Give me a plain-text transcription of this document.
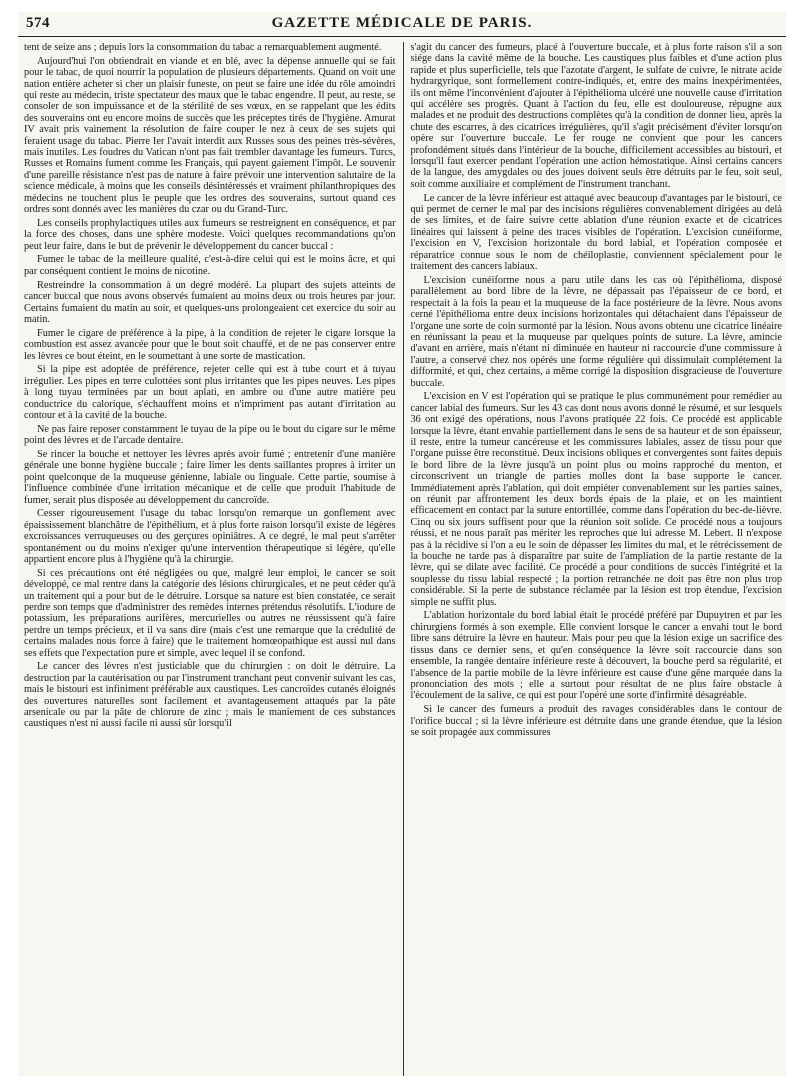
574	GAZETTE MÉDICALE DE PARIS.

tent de seize ans ; depuis lors la consommation du tabac a remarquablement augmenté.

Aujourd'hui l'on obtiendrait en viande et en blé, avec la dépense annuelle qui se fait pour le tabac, de quoi nourrir la population de plusieurs départements. Quand on voit une nation entière acheter si cher un plaisir funeste, on peut se faire une idée du rôle amoindri qui reste au médecin, triste spectateur des maux que le tabac engendre. Il peut, au reste, se consoler de son impuissance et de la stérilité de ses vœux, en se rappelant que les édits des souverains ont eu encore moins de succès que les préceptes tirés de l'hygiène. Amurat IV avait pris vainement la résolution de faire couper le nez à ceux de ses sujets qui feraient usage du tabac. Pierre Ier l'avait interdit aux Russes sous des peines très-sévères, mais inutiles. Les foudres du Vatican n'ont pas fait trembler davantage les fumeurs. Turcs, Russes et Romains fument comme les Français, qui payent gaiement l'impôt. Le souvenir d'une pareille résistance n'est pas de nature à faire prévoir une intervention salutaire de la science médicale, à moins que les conseils désintéressés et vraiment philanthropiques des médecins ne touchent plus le peuple que les ordres des souverains, surtout quand ces ordres sont donnés avec les manières du czar ou du Grand-Turc.

Les conseils prophylactiques utiles aux fumeurs se restreignent en conséquence, et par la force des choses, dans une sphère modeste. Voici quelques recommandations qu'on peut leur faire, dans le but de prévenir le développement du cancer buccal :

Fumer le tabac de la meilleure qualité, c'est-à-dire celui qui est le moins âcre, et qui par conséquent contient le moins de nicotine.

Restreindre la consommation à un degré modéré. La plupart des sujets atteints de cancer buccal que nous avons observés fumaient au moins deux ou trois heures par jour. Certains fumaient du matin au soir, et quelques-uns prolongeaient cet exercice du soir au matin.

Fumer le cigare de préférence à la pipe, à la condition de rejeter le cigare lorsque la combustion est assez avancée pour que le bout soit chauffé, et de ne pas conserver entre les lèvres ce bout éteint, en le soumettant à une sorte de mastication.

Si la pipe est adoptée de préférence, rejeter celle qui est à tube court et à tuyau irrégulier. Les pipes en terre culottées sont plus irritantes que les pipes neuves. Les pipes à long tuyau terminées par un bout aplati, en ambre ou d'une autre matière peu conductrice du calorique, s'échauffent moins et n'impriment pas autant d'irritation au contour et à la cavité de la bouche.

Ne pas faire reposer constamment le tuyau de la pipe ou le bout du cigare sur le même point des lèvres et de l'arcade dentaire.

Se rincer la bouche et nettoyer les lèvres après avoir fumé ; entretenir d'une manière générale une bonne hygiène buccale ; faire limer les dents saillantes propres à irriter un point quelconque de la muqueuse génienne, labiale ou linguale. Cette partie, soumise à l'influence combinée d'une irritation mécanique et de celle que produit l'habitude de fumer, serait plus disposée au développement du cancroïde.

Cesser rigoureusement l'usage du tabac lorsqu'on remarque un gonflement avec épaississement blanchâtre de l'épithélium, et à plus forte raison lorsqu'il existe de légères excroissances verruqueuses ou des gerçures opiniâtres. A ce degré, le mal peut s'arrêter spontanément ou du moins n'exiger qu'une intervention thérapeutique si légère, qu'elle appartient encore plus à l'hygiène qu'à la chirurgie.

Si ces précautions ont été négligées ou que, malgré leur emploi, le cancer se soit développé, ce mal rentre dans la catégorie des lésions chirurgicales, et ne peut céder qu'à un traitement qui a pour but de le détruire. Lorsque sa nature est bien constatée, ce serait perdre son temps que d'administrer des remèdes internes prétendus résolutifs. L'iodure de potassium, les préparations aurifères, mercurielles ou autres ne réussissent qu'à faire perdre un temps précieux, et il va sans dire (mais c'est une remarque que la crédulité de certains malades nous force à faire) que le traitement homœopathique est aussi nul dans ses effets que l'expectation pure et simple, avec lequel il se confond.

Le cancer des lèvres n'est justiciable que du chirurgien : on doit le détruire. La destruction par la cautérisation ou par l'instrument tranchant peut convenir suivant les cas, mais le bistouri est infiniment préférable aux caustiques. Les cancroïdes cutanés éloignés des ouvertures naturelles sont facilement et avantageusement attaqués par la pâte arsenicale ou par la pâte de chlorure de zinc ; mais le maniement de ces substances caustiques n'est ni aussi facile ni aussi sûr lorsqu'il

s'agit du cancer des fumeurs, placé à l'ouverture buccale, et à plus forte raison s'il a son siége dans la cavité même de la bouche. Les caustiques plus faibles et d'une action plus rapide et plus superficielle, tels que l'azotate d'argent, le sulfate de cuivre, le nitrate acide hydrargyrique, sont formellement contre-indiqués, et, entre des mains inexpérimentées, ils ont même l'inconvénient d'ajouter à l'épithélioma ulcéré une nouvelle cause d'irritation qui accélère ses progrès. Quant à l'action du feu, elle est douloureuse, répugne aux malades et ne produit des destructions complètes qu'à la condition de donner lieu, après la chute des escarres, à des cicatrices irrégulières, qu'il s'agit précisément d'éviter lorsqu'on opère sur l'ouverture buccale. Le fer rouge ne convient que pour les cancers profondément situés dans l'intérieur de la bouche, difficilement accessibles au bistouri, et lorsqu'il faut exercer pendant l'opération une action hémostatique. Ainsi certains cancers de la langue, des amygdales ou des joues doivent seuls être détruits par le feu, soit seul, soit comme auxiliaire et complément de l'instrument tranchant.

Le cancer de la lèvre inférieur est attaqué avec beaucoup d'avantages par le bistouri, ce qui permet de cerner le mal par des incisions régulières convenablement dirigées au delà de ses limites, et de faire suivre cette ablation d'une réunion exacte et de cicatrices linéaires qui laissent à peine des traces visibles de l'opération. L'excision cunéiforme, l'excision en V, l'excision horizontale du bord labial, et l'opération composée et réparatrice connue sous le nom de chéiloplastie, conviennent spécialement pour le traitement des cancers labiaux.

L'excision cunéiforme nous a paru utile dans les cas où l'épithélioma, disposé parallèlement au bord libre de la lèvre, ne dépassait pas l'épaisseur de ce bord, et respectait à la fois la peau et la muqueuse de la face postérieure de la lèvre. Nous avons cerné l'épithélioma entre deux incisions horizontales qui détachaient dans l'épaisseur de l'organe une sorte de coin surmonté par la lésion. Nous avons obtenu une cicatrice linéaire en réunissant la peau et la muqueuse par quelques points de suture. La lèvre, amincie d'avant en arrière, mais n'étant ni diminuée en hauteur ni raccourcie d'une commissure à l'autre, a conservé chez nos opérés une forme régulière qui dissimulait complétement la difformité, et qui, chez certains, a même corrigé la disposition disgracieuse de l'ouverture buccale.

L'excision en V est l'opération qui se pratique le plus communément pour remédier au cancer labial des fumeurs. Sur les 43 cas dont nous avons donné le résumé, et sur lesquels 36 ont exigé des opérations, nous l'avons pratiquée 22 fois. Ce procédé est applicable lorsque la lèvre, étant envahie partiellement dans le sens de sa hauteur et de son épaisseur, il reste, entre la tumeur cancéreuse et les commissures labiales, assez de tissu pour que l'organe puisse être reconstitué. Deux incisions obliques et convergentes sont faites depuis le bord libre de la lèvre jusqu'à un point plus ou moins rapproché du menton, et circonscrivent un triangle de parties molles dont la base supporte le cancer. Immédiatement après l'ablation, qui doit empiéter convenablement sur les parties saines, on réunit par affrontement les deux bords épais de la plaie, et on les maintient efficacement en contact par la suture entortillée, comme dans l'opération du bec-de-lièvre. Cinq ou six jours suffisent pour que la réunion soit solide. Ce procédé nous a toujours réussi, et ne nous paraît pas mériter les reproches que lui adresse M. Lebert. Il n'expose pas à la récidive si l'on a eu le soin de dépasser les limites du mal, et le rétrécissement de la bouche ne tarde pas à disparaître par suite de l'ampliation de la partie restante de la lèvre, qui se dilate avec facilité. Ce procédé a pour conditions de succès l'intégrité et la souplesse du tissu labial respecté ; la portion retranchée ne doit pas être non plus trop considérable. Si la perte de substance réclamée par la lésion est trop étendue, l'excision simple ne suffit plus.

L'ablation horizontale du bord labial était le procédé préféré par Dupuytren et par les chirurgiens formés à son exemple. Elle convient lorsque le cancer a envahi tout le bord libre sans détruire la lèvre en hauteur. Mais pour peu que la lésion exige un sacrifice des tissus dans ce dernier sens, et qu'en conséquence la lèvre soit raccourcie dans son ensemble, la rangée dentaire inférieure reste à découvert, la bouche perd sa régularité, et l'absence de la partie mobile de la lèvre inférieure est cause d'une gêne marquée dans la prononciation des mots ; elle a surtout pour résultat de ne plus faire obstacle à l'écoulement de la salive, ce qui est pour l'opéré une sorte d'infirmité désagréable.

Si le cancer des fumeurs a produit des ravages considérables dans le contour de l'orifice buccal ; si la lèvre inférieure est détruite dans une grande étendue, que la lésion se soit propagée aux commissures
